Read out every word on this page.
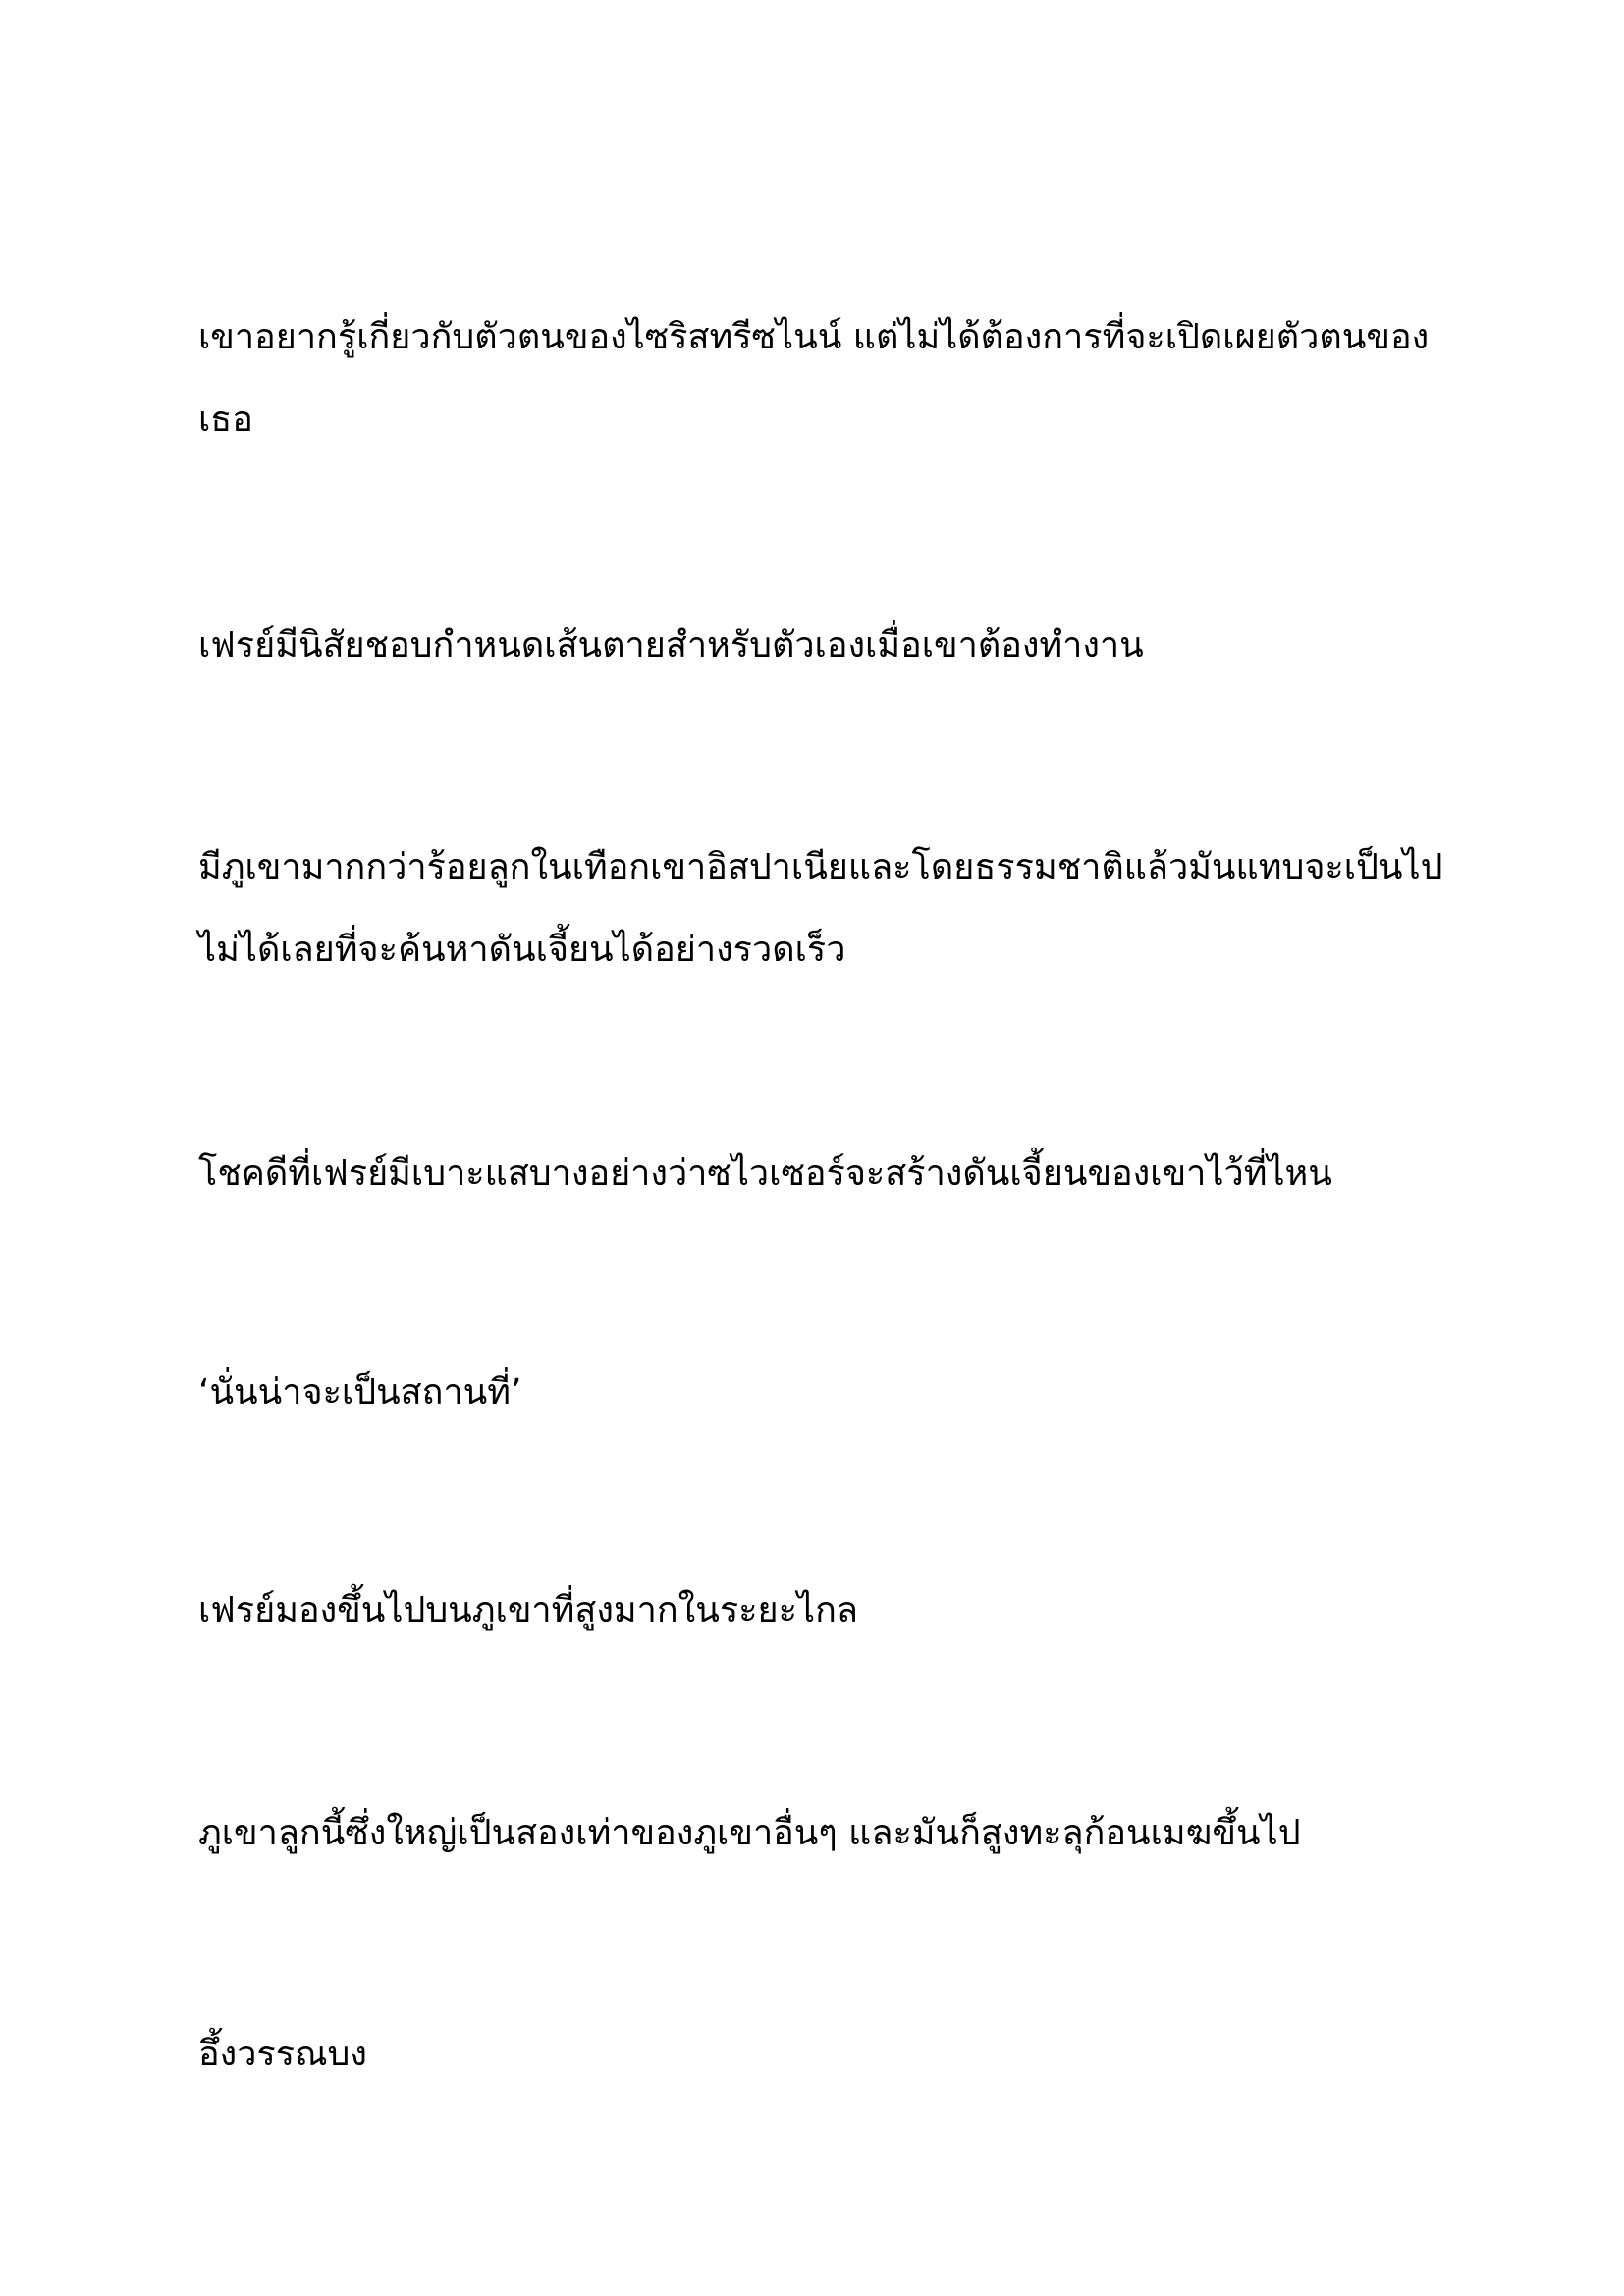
เขาอยากรู้เกี่ยวกับตัวตนของไซริสทรีซไนน์ แต่ไม่ได้ต้องการที่จะเปิดเผยตัวตนของ
เธอ

เฟรย์มีนิสัยชอบกำหนดเส้นตายสำหรับตัวเองเมื่อเขาต้องทำงาน

มีภูเขามากกว่าร้อยลูกในเทือกเขาอิสปาเนียและโดยธรรมชาติแล้วมันแทบจะเป็นไป
ไม่ได้เลยที่จะค้นหาดันเจี้ยนได้อย่างรวดเร็ว

โชคดีที่เฟรย์มีเบาะแสบางอย่างว่าซไวเซอร์จะสร้างดันเจี้ยนของเขาไว้ที่ไหน

‘นั่นน่าจะเป็นสถานที่’

เฟรย์มองขึ้นไปบนภูเขาที่สูงมากในระยะไกล

ภูเขาลูกนี้ซึ่งใหญ่เป็นสองเท่าของภูเขาอื่นๆ และมันก็สูงทะลุก้อนเมฆขึ้นไป

อึ้งวรรณบง
